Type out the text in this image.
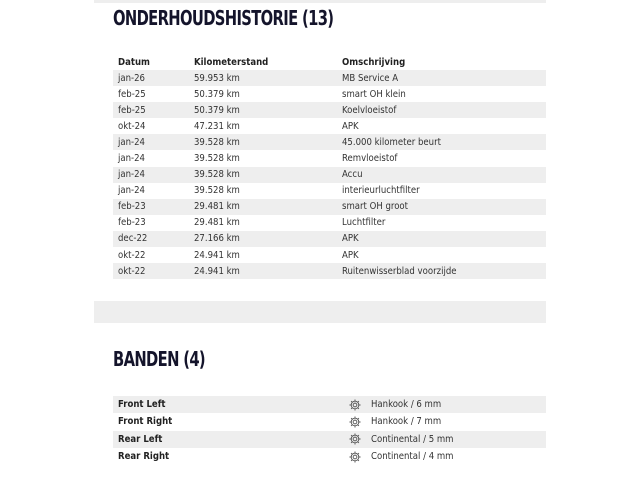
ONDERHOUDSHISTORIE (13)
Datum	Kilometerstand	Omschrijving
jan-26	59.953 km	MB Service A
feb-25	50.379 km	smart OH klein
feb-25	50.379 km	Koelvloeistof
okt-24	47.231 km	APK
jan-24	39.528 km	45.000 kilometer beurt
jan-24	39.528 km	Remvloeistof
jan-24	39.528 km	Accu
jan-24	39.528 km	interieurluchtfilter
feb-23	29.481 km	smart OH groot
feb-23	29.481 km	Luchtfilter
dec-22	27.166 km	APK
okt-22	24.941 km	APK
okt-22	24.941 km	Ruitenwisserblad voorzijde
BANDEN (4)
Front Left	Hankook / 6 mm
Front Right	Hankook / 7 mm
Rear Left	Continental / 5 mm
Rear Right	Continental / 4 mm
